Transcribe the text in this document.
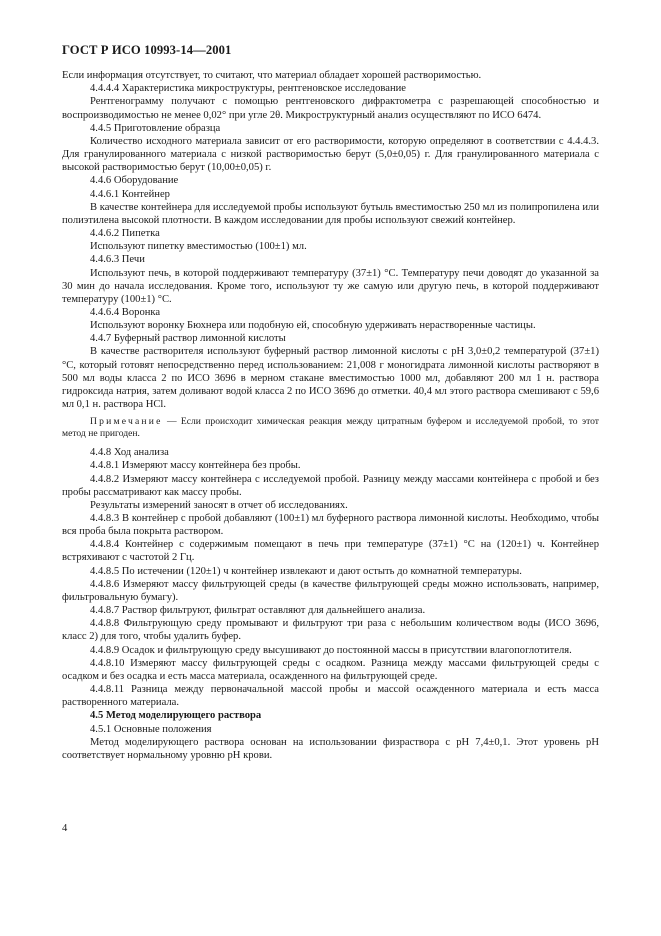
ГОСТ Р ИСО 10993-14—2001

Если информация отсутствует, то считают, что материал обладает хорошей растворимостью.

4.4.4.4 Характеристика микроструктуры, рентгеновское исследование

Рентгенограмму получают с помощью рентгеновского дифрактометра с разрешающей способностью и воспроизводимостью не менее 0,02° при угле 2θ. Микроструктурный анализ осуществляют по ИСО 6474.

4.4.5 Приготовление образца

Количество исходного материала зависит от его растворимости, которую определяют в соответствии с 4.4.4.3. Для гранулированного материала с низкой растворимостью берут (5,0±0,05) г. Для гранулированного материала с высокой растворимостью берут (10,00±0,05) г.

4.4.6 Оборудование

4.4.6.1 Контейнер

В качестве контейнера для исследуемой пробы используют бутыль вместимостью 250 мл из полипропилена или полиэтилена высокой плотности. В каждом исследовании для пробы используют свежий контейнер.

4.4.6.2 Пипетка

Используют пипетку вместимостью (100±1) мл.

4.4.6.3 Печи

Используют печь, в которой поддерживают температуру (37±1) °C. Температуру печи доводят до указанной за 30 мин до начала исследования. Кроме того, используют ту же самую или другую печь, в которой поддерживают температуру (100±1) °C.

4.4.6.4 Воронка

Используют воронку Бюхнера или подобную ей, способную удерживать нерастворенные частицы.

4.4.7 Буферный раствор лимонной кислоты

В качестве растворителя используют буферный раствор лимонной кислоты с pH 3,0±0,2 температурой (37±1) °C, который готовят непосредственно перед использованием: 21,008 г моногидрата лимонной кислоты растворяют в 500 мл воды класса 2 по ИСО 3696 в мерном стакане вместимостью 1000 мл, добавляют 200 мл 1 н. раствора гидроксида натрия, затем доливают водой класса 2 по ИСО 3696 до отметки. 40,4 мл этого раствора смешивают с 59,6 мл 0,1 н. раствора HCl.

Примечание — Если происходит химическая реакция между цитратным буфером и исследуемой пробой, то этот метод не пригоден.

4.4.8 Ход анализа

4.4.8.1 Измеряют массу контейнера без пробы.

4.4.8.2 Измеряют массу контейнера с исследуемой пробой. Разницу между массами контейнера с пробой и без пробы рассматривают как массу пробы.

Результаты измерений заносят в отчет об исследованиях.

4.4.8.3 В контейнер с пробой добавляют (100±1) мл буферного раствора лимонной кислоты. Необходимо, чтобы вся проба была покрыта раствором.

4.4.8.4 Контейнер с содержимым помещают в печь при температуре (37±1) °C на (120±1) ч. Контейнер встряхивают с частотой 2 Гц.

4.4.8.5 По истечении (120±1) ч контейнер извлекают и дают остыть до комнатной температуры.

4.4.8.6 Измеряют массу фильтрующей среды (в качестве фильтрующей среды можно использовать, например, фильтровальную бумагу).

4.4.8.7 Раствор фильтруют, фильтрат оставляют для дальнейшего анализа.

4.4.8.8 Фильтрующую среду промывают и фильтруют три раза с небольшим количеством воды (ИСО 3696, класс 2) для того, чтобы удалить буфер.

4.4.8.9 Осадок и фильтрующую среду высушивают до постоянной массы в присутствии влагопоглотителя.

4.4.8.10 Измеряют массу фильтрующей среды с осадком. Разница между массами фильтрующей среды с осадком и без осадка и есть масса материала, осажденного на фильтрующей среде.

4.4.8.11 Разница между первоначальной массой пробы и массой осажденного материала и есть масса растворенного материала.

4.5 Метод моделирующего раствора

4.5.1 Основные положения

Метод моделирующего раствора основан на использовании физраствора с pH 7,4±0,1. Этот уровень pH соответствует нормальному уровню pH крови.

4
